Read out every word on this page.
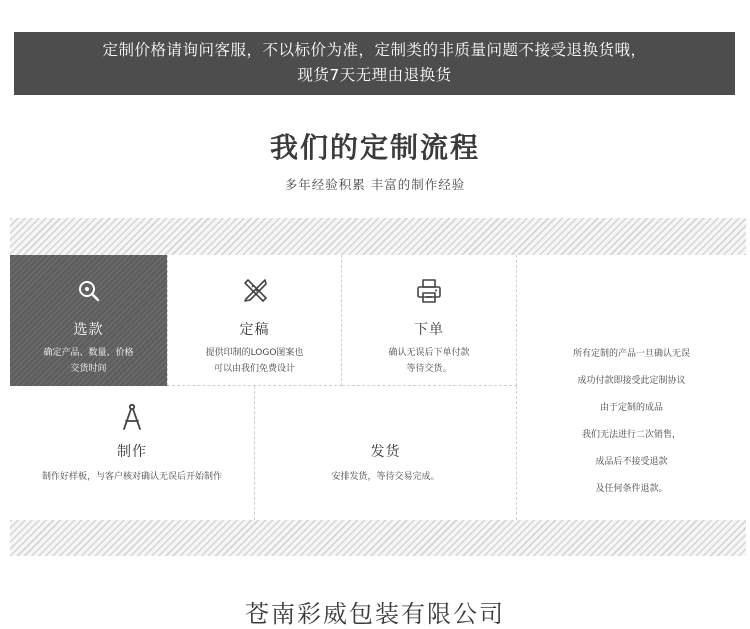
定制价格请询问客服，不以标价为准，定制类的非质量问题不接受退换货哦，
现货7天无理由退换货
我们的定制流程
多年经验积累 丰富的制作经验
选款
确定产品、数量、价格
交货时间
定稿
提供印制的LOGO图案也
可以由我们免费设计
下单
确认无误后下单付款
等待交货。
制作
制作好样板，与客户核对确认无误后开始制作
发货
安排发货，等待交易完成。
所有定制的产品一旦确认无误
成功付款即接受此定制协议
由于定制的成品
我们无法进行二次销售，
成品后不接受退款
及任何条件退款。
苍南彩威包装有限公司
